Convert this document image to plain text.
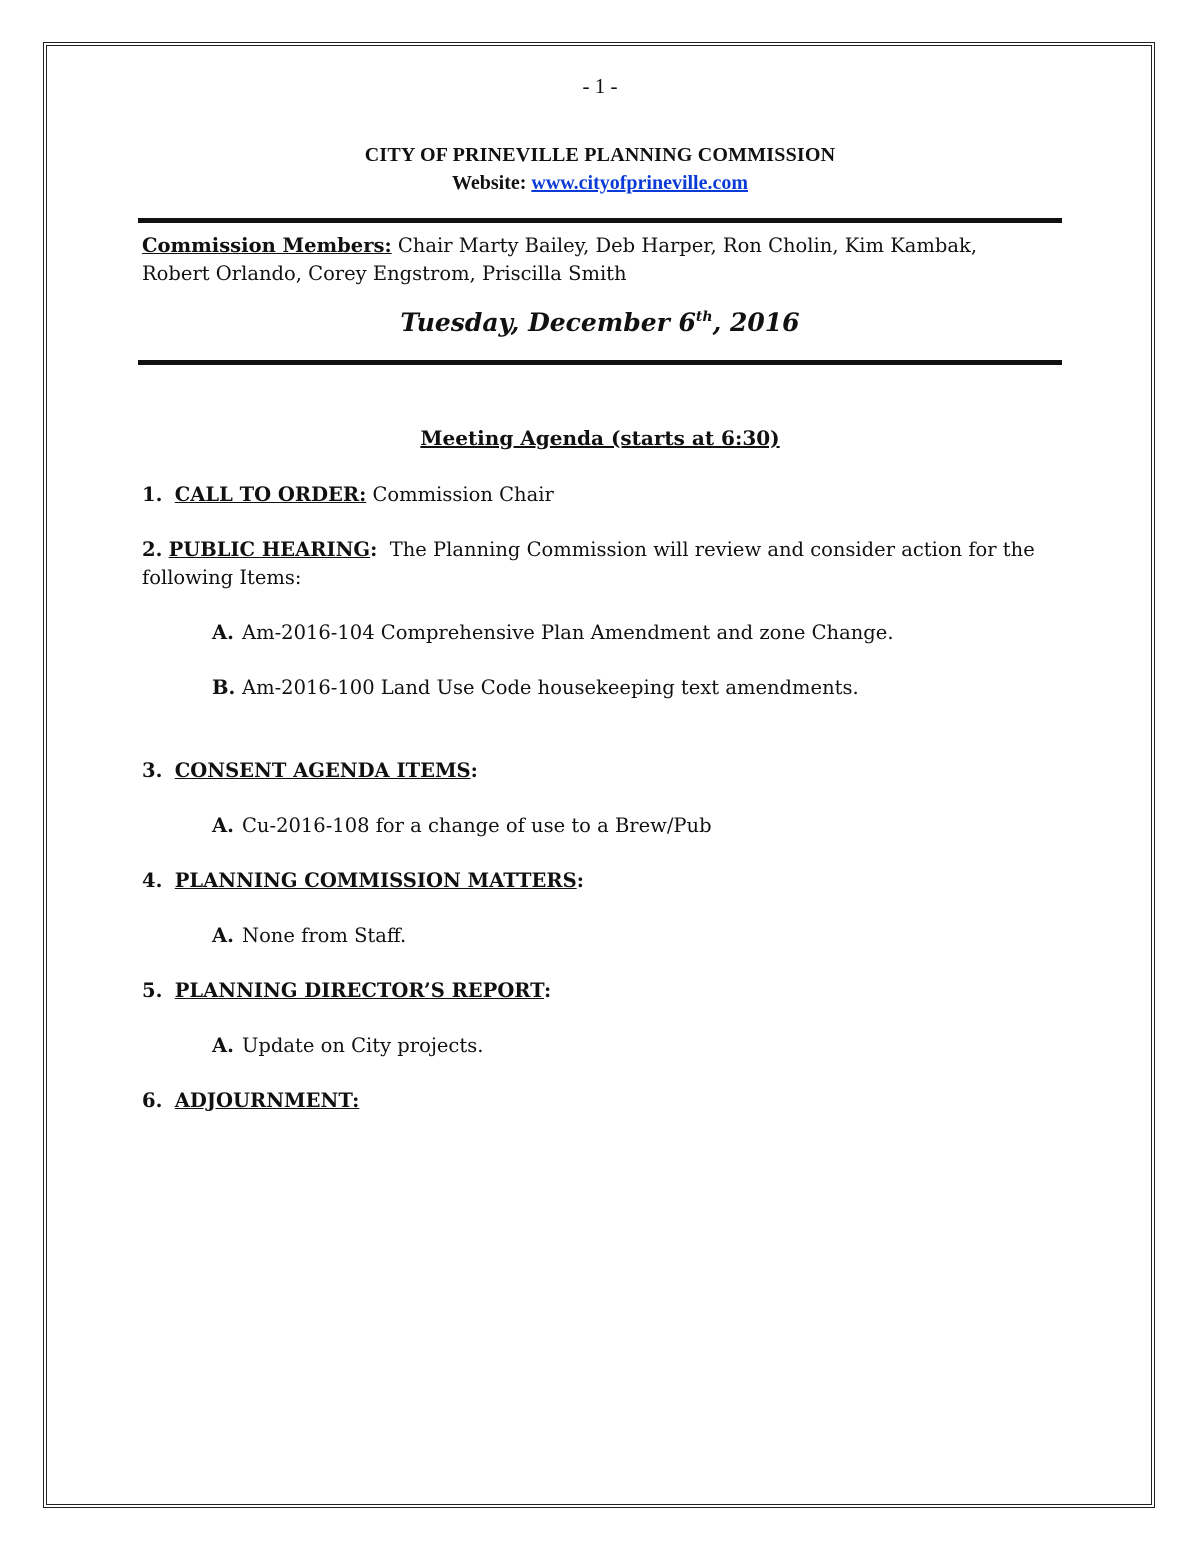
- 1 -
CITY OF PRINEVILLE PLANNING COMMISSION
Website: www.cityofprineville.com
Commission Members: Chair Marty Bailey, Deb Harper, Ron Cholin, Kim Kambak, Robert Orlando, Corey Engstrom, Priscilla Smith
Tuesday, December 6th, 2016
Meeting Agenda (starts at 6:30)
1. CALL TO ORDER: Commission Chair
2. PUBLIC HEARING: The Planning Commission will review and consider action for the following Items:
A. Am-2016-104 Comprehensive Plan Amendment and zone Change.
B. Am-2016-100 Land Use Code housekeeping text amendments.
3. CONSENT AGENDA ITEMS:
A. Cu-2016-108 for a change of use to a Brew/Pub
4. PLANNING COMMISSION MATTERS:
A. None from Staff.
5. PLANNING DIRECTOR’S REPORT:
A. Update on City projects.
6. ADJOURNMENT:
